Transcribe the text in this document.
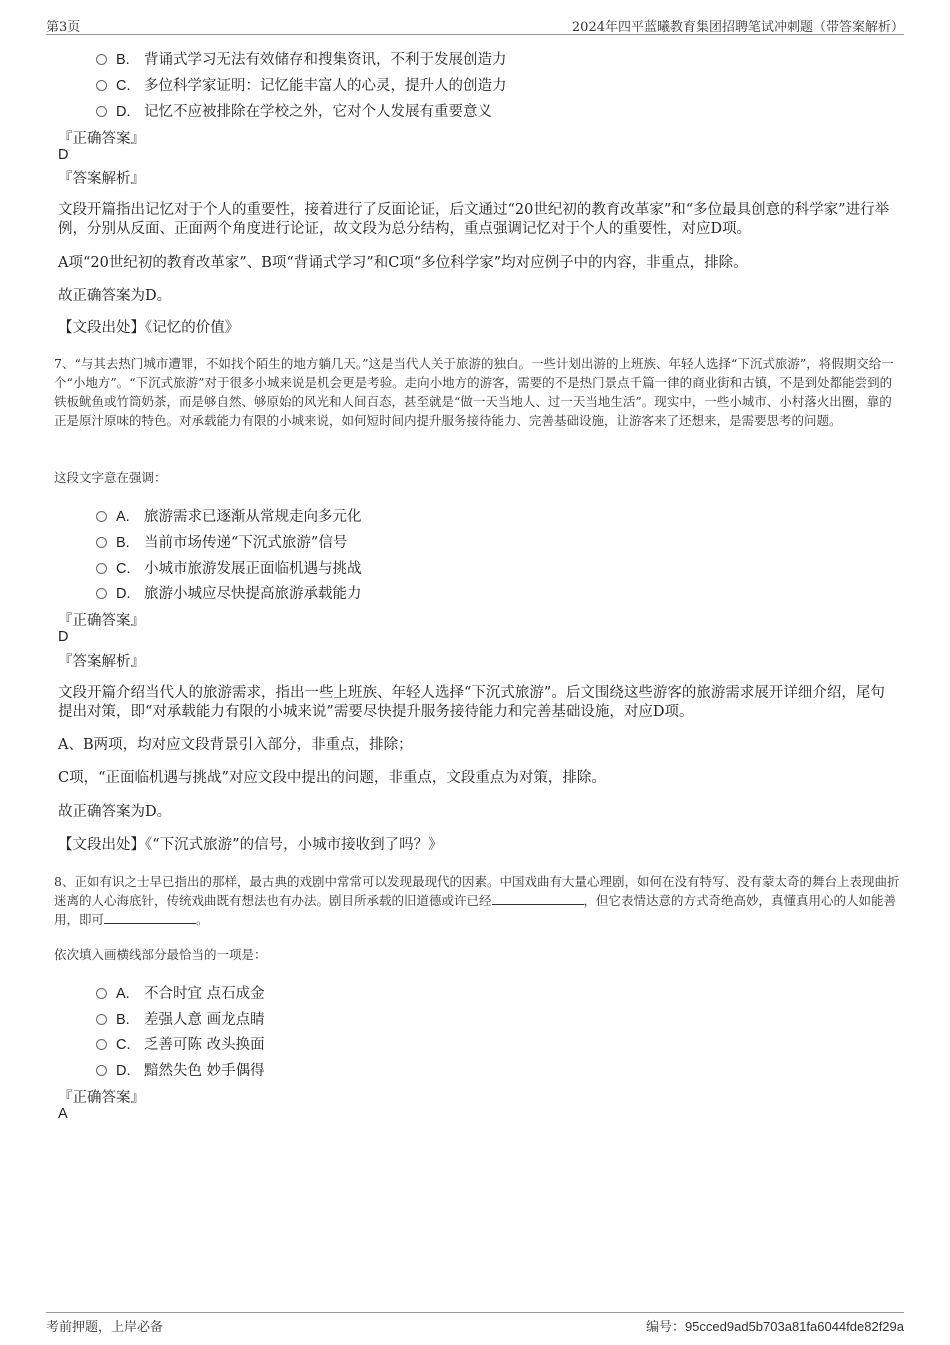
第3页	2024年四平蓝曦教育集团招聘笔试冲刺题（带答案解析）
B. 背诵式学习无法有效储存和搜集资讯，不利于发展创造力
C. 多位科学家证明：记忆能丰富人的心灵，提升人的创造力
D. 记忆不应被排除在学校之外，它对个人发展有重要意义
『正确答案』
D
『答案解析』
文段开篇指出记忆对于个人的重要性，接着进行了反面论证，后文通过“20世纪初的教育改革家”和“多位最具创意的科学家”进行举例，分别从反面、正面两个角度进行论证，故文段为总分结构，重点强调记忆对于个人的重要性，对应D项。
A项“20世纪初的教育改革家”、B项“背诵式学习”和C项“多位科学家”均对应例子中的内容，非重点，排除。
故正确答案为D。
【文段出处】《记忆的价值》
7、“与其去热门城市遭罪，不如找个陌生的地方躺几天。”这是当代人关于旅游的独白。一些计划出游的上班族、年轻人选择“下沉式旅游”，将假期交给一个“小地方”。“下沉式旅游”对于很多小城来说是机会更是考验。走向小地方的游客，需要的不是热门景点千篇一律的商业街和古镇，不是到处都能尝到的铁板鱿鱼或竹筒奶茶，而是够自然、够原始的风光和人间百态，甚至就是“做一天当地人、过一天当地生活”。现实中，一些小城市、小村落火出圈，靠的正是原汁原味的特色。对承载能力有限的小城来说，如何短时间内提升服务接待能力、完善基础设施，让游客来了还想来，是需要思考的问题。
这段文字意在强调：
A. 旅游需求已逐渐从常规走向多元化
B. 当前市场传递“下沉式旅游”信号
C. 小城市旅游发展正面临机遇与挑战
D. 旅游小城应尽快提高旅游承载能力
『正确答案』
D
『答案解析』
文段开篇介绍当代人的旅游需求，指出一些上班族、年轻人选择“下沉式旅游”。后文围绕这些游客的旅游需求展开详细介绍，尾句提出对策，即“对承载能力有限的小城来说”需要尽快提升服务接待能力和完善基础设施，对应D项。
A、B两项，均对应文段背景引入部分，非重点，排除；
C项，“正面临机遇与挑战”对应文段中提出的问题，非重点，文段重点为对策，排除。
故正确答案为D。
【文段出处】《“下沉式旅游”的信号，小城市接收到了吗？》
8、正如有识之士早已指出的那样，最古典的戏剧中常常可以发现最现代的因素。中国戏曲有大量心理剧，如何在没有特写、没有蒙太奇的舞台上表现曲折迷离的人心海底针，传统戏曲既有想法也有办法。剧目所承载的旧道德或许已经	，但它表情达意的方式奇绝高妙，真懂真用心的人如能善用，即可	。
依次填入画横线部分最恰当的一项是：
A. 不合时宜 点石成金
B. 差强人意 画龙点睛
C. 乏善可陈 改头换面
D. 黯然失色 妙手偶得
『正确答案』
A
考前押题，上岸必备	编号：95cced9ad5b703a81fa6044fde82f29a
